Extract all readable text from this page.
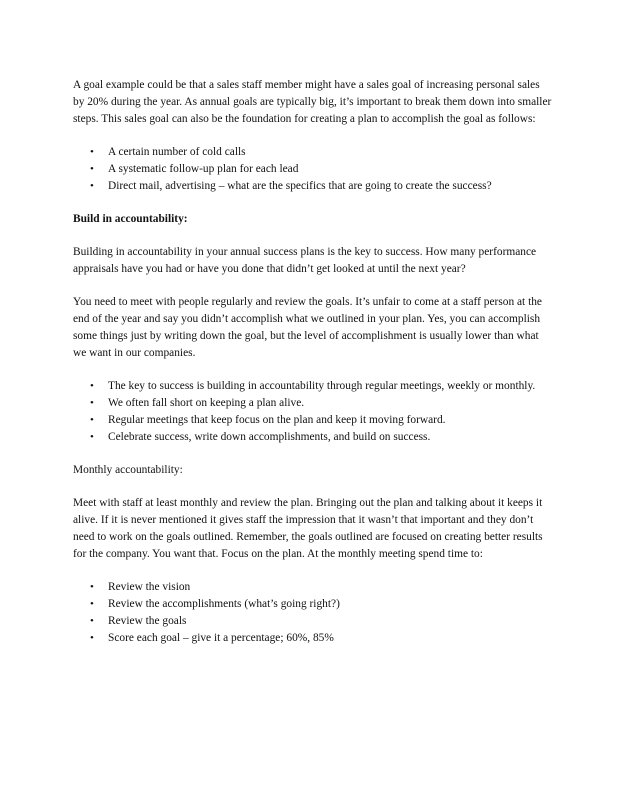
A goal example could be that a sales staff member might have a sales goal of increasing personal sales by 20% during the year. As annual goals are typically big, it’s important to break them down into smaller steps. This sales goal can also be the foundation for creating a plan to accomplish the goal as follows:

• A certain number of cold calls
• A systematic follow-up plan for each lead
• Direct mail, advertising – what are the specifics that are going to create the success?

Build in accountability:

Building in accountability in your annual success plans is the key to success. How many performance appraisals have you had or have you done that didn’t get looked at until the next year?

You need to meet with people regularly and review the goals. It’s unfair to come at a staff person at the end of the year and say you didn’t accomplish what we outlined in your plan. Yes, you can accomplish some things just by writing down the goal, but the level of accomplishment is usually lower than what we want in our companies.

• The key to success is building in accountability through regular meetings, weekly or monthly.
• We often fall short on keeping a plan alive.
• Regular meetings that keep focus on the plan and keep it moving forward.
• Celebrate success, write down accomplishments, and build on success.

Monthly accountability:

Meet with staff at least monthly and review the plan. Bringing out the plan and talking about it keeps it alive. If it is never mentioned it gives staff the impression that it wasn’t that important and they don’t need to work on the goals outlined. Remember, the goals outlined are focused on creating better results for the company. You want that. Focus on the plan. At the monthly meeting spend time to:

• Review the vision
• Review the accomplishments (what’s going right?)
• Review the goals
• Score each goal – give it a percentage; 60%, 85%
